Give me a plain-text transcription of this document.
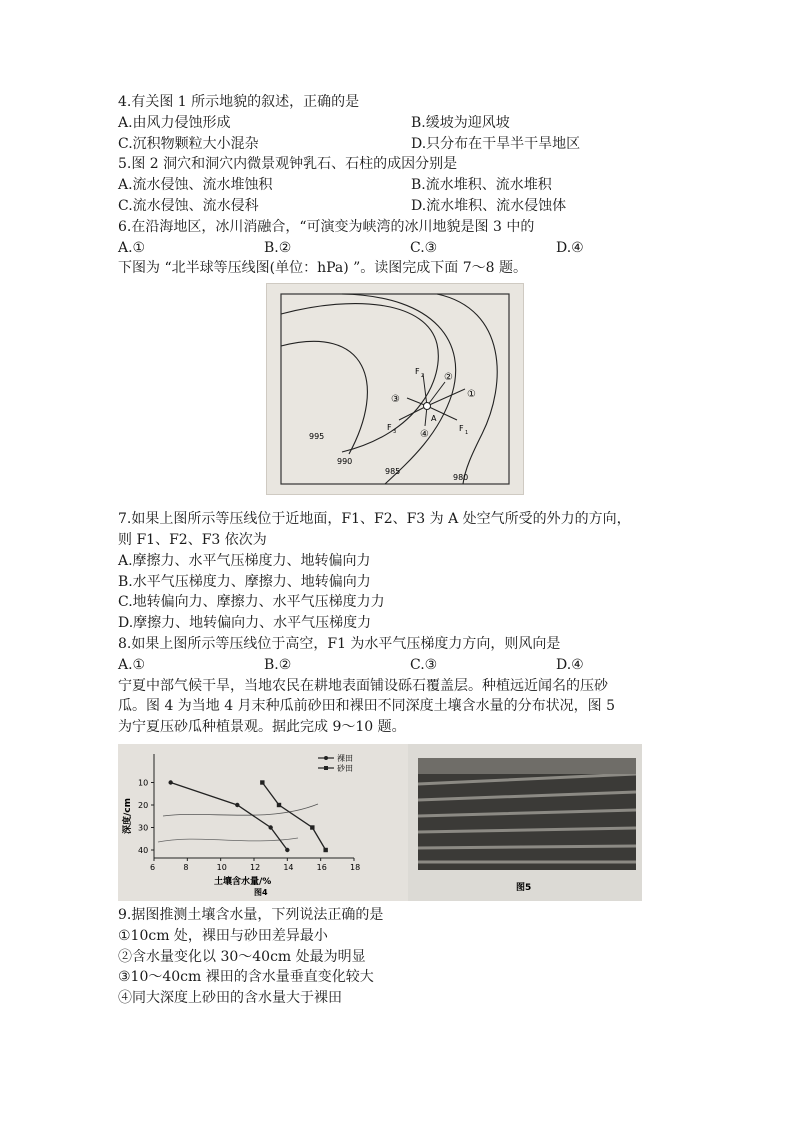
4.有关图 1 所示地貌的叙述，正确的是
A.由风力侵蚀形成	B.缓坡为迎风坡
C.沉积物颗粒大小混杂	D.只分布在干旱半干旱地区
5.图 2 洞穴和洞穴内微景观钟乳石、石柱的成因分别是
A.流水侵蚀、流水堆蚀积	B.流水堆积、流水堆积
C.流水侵蚀、流水侵科	D.流水堆积、流水侵蚀体
6.在沿海地区，冰川消融合，“可演变为峡湾的冰川地貌是图 3 中的
A.①	B.②	C.③	D.④
下图为 “北半球等压线图(单位：hPa) ”。读图完成下面 7～8 题。
995
990
985
980
A
F 2
F 3	F 1
①
②
③
④
7.如果上图所示等压线位于近地面，F1、F2、F3 为 A 处空气所受的外力的方向，
则 F1、F2、F3 依次为
A.摩擦力、水平气压梯度力、地转偏向力
B.水平气压梯度力、摩擦力、地转偏向力
C.地转偏向力、摩擦力、水平气压梯度力力
D.摩擦力、地转偏向力、水平气压梯度力
8.如果上图所示等压线位于高空，F1 为水平气压梯度力方向，则风向是
A.①	B.②	C.③	D.④
宁夏中部气候干旱，当地农民在耕地表面铺设砾石覆盖层。种植远近闻名的压砂
瓜。图 4 为当地 4 月末种瓜前砂田和裸田不同深度土壤含水量的分布状况，图 5
为宁夏压砂瓜种植景观。据此完成 9～10 题。
深度/cm
土壤含水量/%
图4
裸田
砂田
10
20
30
40
6	8	10	12	14	16	18
图5
9.据图推测土壤含水量，下列说法正确的是
①10cm 处，裸田与砂田差异最小
②含水量变化以 30～40cm 处最为明显
③10～40cm 裸田的含水量垂直变化较大
④同大深度上砂田的含水量大于裸田
